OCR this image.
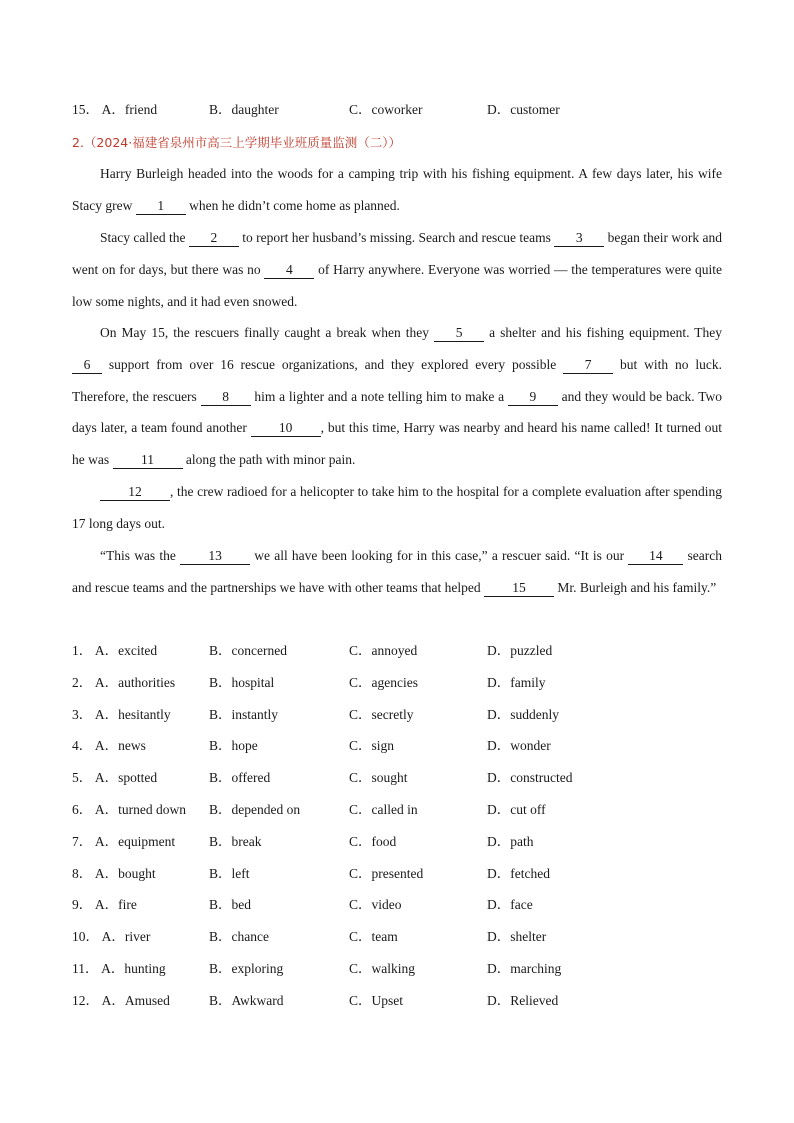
15． A．friend	B．daughter	C．coworker	D．customer
2.（2024·福建省泉州市高三上学期毕业班质量监测（二））

Harry Burleigh headed into the woods for a camping trip with his fishing equipment. A few days later, his wife Stacy grew 1 when he didn’t come home as planned.

Stacy called the 2 to report her husband’s missing. Search and rescue teams 3 began their work and went on for days, but there was no 4 of Harry anywhere. Everyone was worried — the temperatures were quite low some nights, and it had even snowed.

On May 15, the rescuers finally caught a break when they 5 a shelter and his fishing equipment. They 6 support from over 16 rescue organizations, and they explored every possible 7 but with no luck. Therefore, the rescuers 8 him a lighter and a note telling him to make a 9 and they would be back. Two days later, a team found another 10 , but this time, Harry was nearby and heard his name called! It turned out he was 11 along the path with minor pain.

12 , the crew radioed for a helicopter to take him to the hospital for a complete evaluation after spending 17 long days out.

“This was the 13 we all have been looking for in this case,” a rescuer said. “It is our 14 search and rescue teams and the partnerships we have with other teams that helped 15 Mr. Burleigh and his family.”

1． A．excited	B．concerned	C．annoyed	D．puzzled
2． A．authorities	B．hospital	C．agencies	D．family
3． A．hesitantly	B．instantly	C．secretly	D．suddenly
4． A．news	B．hope	C．sign	D．wonder
5． A．spotted	B．offered	C．sought	D．constructed
6． A．turned down B．depended on	C．called in	D．cut off
7． A．equipment	B．break	C．food	D．path
8． A．bought	B．left	C．presented	D．fetched
9． A．fire	B．bed	C．video	D．face
10． A．river	B．chance	C．team	D．shelter
11． A．hunting	B．exploring	C．walking	D．marching
12． A．Amused	B．Awkward	C．Upset	D．Relieved
